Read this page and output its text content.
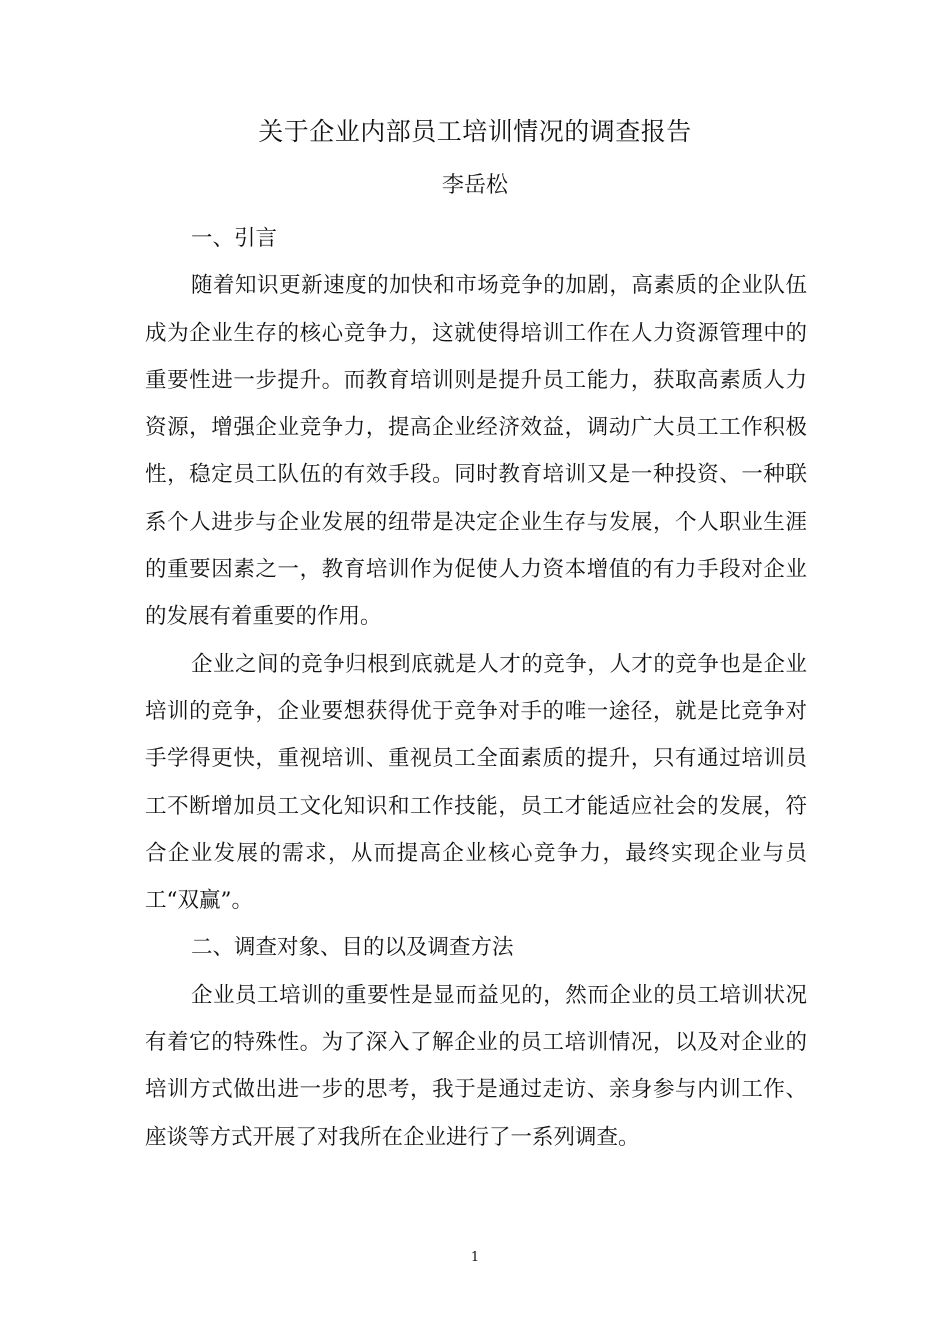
关于企业内部员工培训情况的调查报告
李岳松

一、引言

随着知识更新速度的加快和市场竞争的加剧，高素质的企业队伍成为企业生存的核心竞争力，这就使得培训工作在人力资源管理中的重要性进一步提升。而教育培训则是提升员工能力，获取高素质人力资源，增强企业竞争力，提高企业经济效益，调动广大员工工作积极性，稳定员工队伍的有效手段。同时教育培训又是一种投资、一种联系个人进步与企业发展的纽带是决定企业生存与发展，个人职业生涯的重要因素之一，教育培训作为促使人力资本增值的有力手段对企业的发展有着重要的作用。

企业之间的竞争归根到底就是人才的竞争，人才的竞争也是企业培训的竞争，企业要想获得优于竞争对手的唯一途径，就是比竞争对手学得更快，重视培训、重视员工全面素质的提升，只有通过培训员工不断增加员工文化知识和工作技能，员工才能适应社会的发展，符合企业发展的需求，从而提高企业核心竞争力，最终实现企业与员工“双赢”。

二、调查对象、目的以及调查方法

企业员工培训的重要性是显而益见的，然而企业的员工培训状况有着它的特殊性。为了深入了解企业的员工培训情况，以及对企业的培训方式做出进一步的思考，我于是通过走访、亲身参与内训工作、座谈等方式开展了对我所在企业进行了一系列调查。

1
